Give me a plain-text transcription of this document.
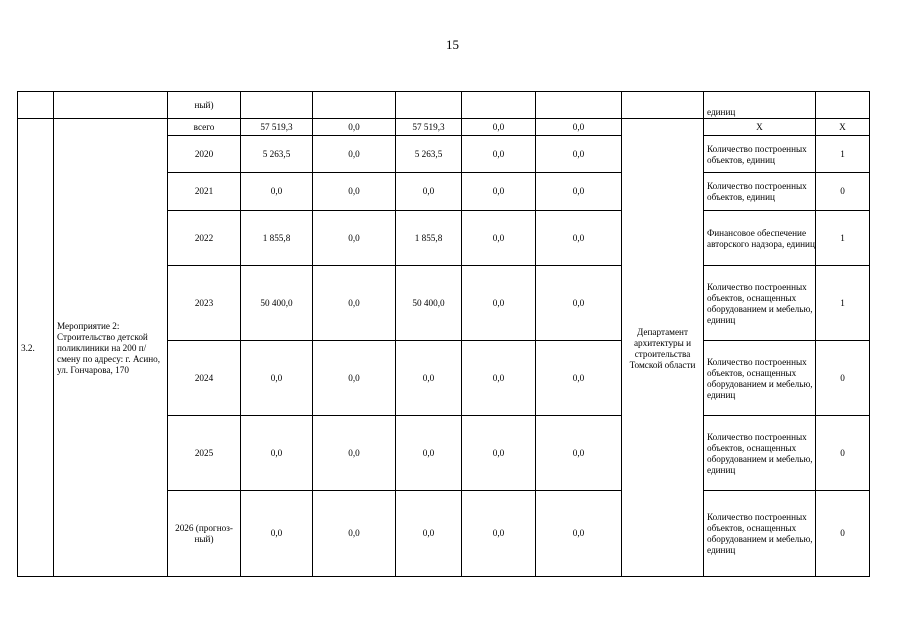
15
		ный)							единиц	
3.2.	Мероприятие 2: Строительство детской поликлиники на 200 п/смену по адресу: г. Асино, ул. Гончарова, 170	всего	57 519,3	0,0	57 519,3	0,0	0,0	Департамент архитектуры и строительства Томской области	Х	Х
		2020	5 263,5	0,0	5 263,5	0,0	0,0		Количество построенных объектов, единиц	1
		2021	0,0	0,0	0,0	0,0	0,0		Количество построенных объектов, единиц	0
		2022	1 855,8	0,0	1 855,8	0,0	0,0		Финансовое обеспечение авторского надзора, единиц	1
		2023	50 400,0	0,0	50 400,0	0,0	0,0		Количество построенных объектов, оснащенных оборудованием и мебелью, единиц	1
		2024	0,0	0,0	0,0	0,0	0,0		Количество построенных объектов, оснащенных оборудованием и мебелью, единиц	0
		2025	0,0	0,0	0,0	0,0	0,0		Количество построенных объектов, оснащенных оборудованием и мебелью, единиц	0
		2026 (прогноз-ный)	0,0	0,0	0,0	0,0	0,0		Количество построенных объектов, оснащенных оборудованием и мебелью, единиц	0
